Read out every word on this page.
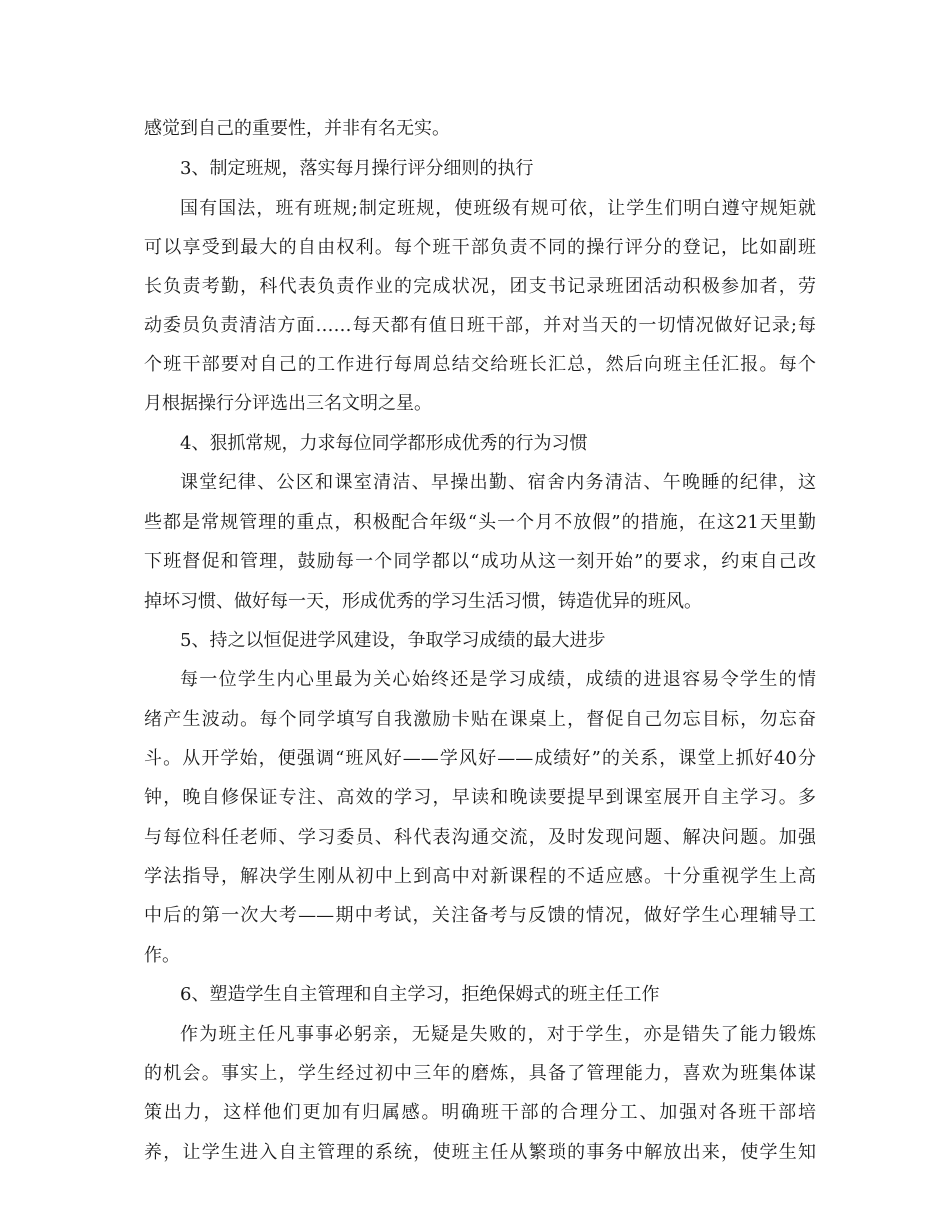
感觉到自己的重要性，并非有名无实。
3、制定班规，落实每月操行评分细则的执行
国有国法，班有班规;制定班规，使班级有规可依，让学生们明白遵守规矩就
可以享受到最大的自由权利。每个班干部负责不同的操行评分的登记，比如副班
长负责考勤，科代表负责作业的完成状况，团支书记录班团活动积极参加者，劳
动委员负责清洁方面……每天都有值日班干部，并对当天的一切情况做好记录;每
个班干部要对自己的工作进行每周总结交给班长汇总，然后向班主任汇报。每个
月根据操行分评选出三名文明之星。
4、狠抓常规，力求每位同学都形成优秀的行为习惯
课堂纪律、公区和课室清洁、早操出勤、宿舍内务清洁、午晚睡的纪律，这
些都是常规管理的重点，积极配合年级“头一个月不放假”的措施，在这21天里勤
下班督促和管理，鼓励每一个同学都以“成功从这一刻开始”的要求，约束自己改
掉坏习惯、做好每一天，形成优秀的学习生活习惯，铸造优异的班风。
5、持之以恒促进学风建设，争取学习成绩的最大进步
每一位学生内心里最为关心始终还是学习成绩，成绩的进退容易令学生的情
绪产生波动。每个同学填写自我激励卡贴在课桌上，督促自己勿忘目标，勿忘奋
斗。从开学始，便强调“班风好——学风好——成绩好”的关系，课堂上抓好40分
钟，晚自修保证专注、高效的学习，早读和晚读要提早到课室展开自主学习。多
与每位科任老师、学习委员、科代表沟通交流，及时发现问题、解决问题。加强
学法指导，解决学生刚从初中上到高中对新课程的不适应感。十分重视学生上高
中后的第一次大考——期中考试，关注备考与反馈的情况，做好学生心理辅导工
作。
6、塑造学生自主管理和自主学习，拒绝保姆式的班主任工作
作为班主任凡事事必躬亲，无疑是失败的，对于学生，亦是错失了能力锻炼
的机会。事实上，学生经过初中三年的磨炼，具备了管理能力，喜欢为班集体谋
策出力，这样他们更加有归属感。明确班干部的合理分工、加强对各班干部培
养，让学生进入自主管理的系统，使班主任从繁琐的事务中解放出来，使学生知
